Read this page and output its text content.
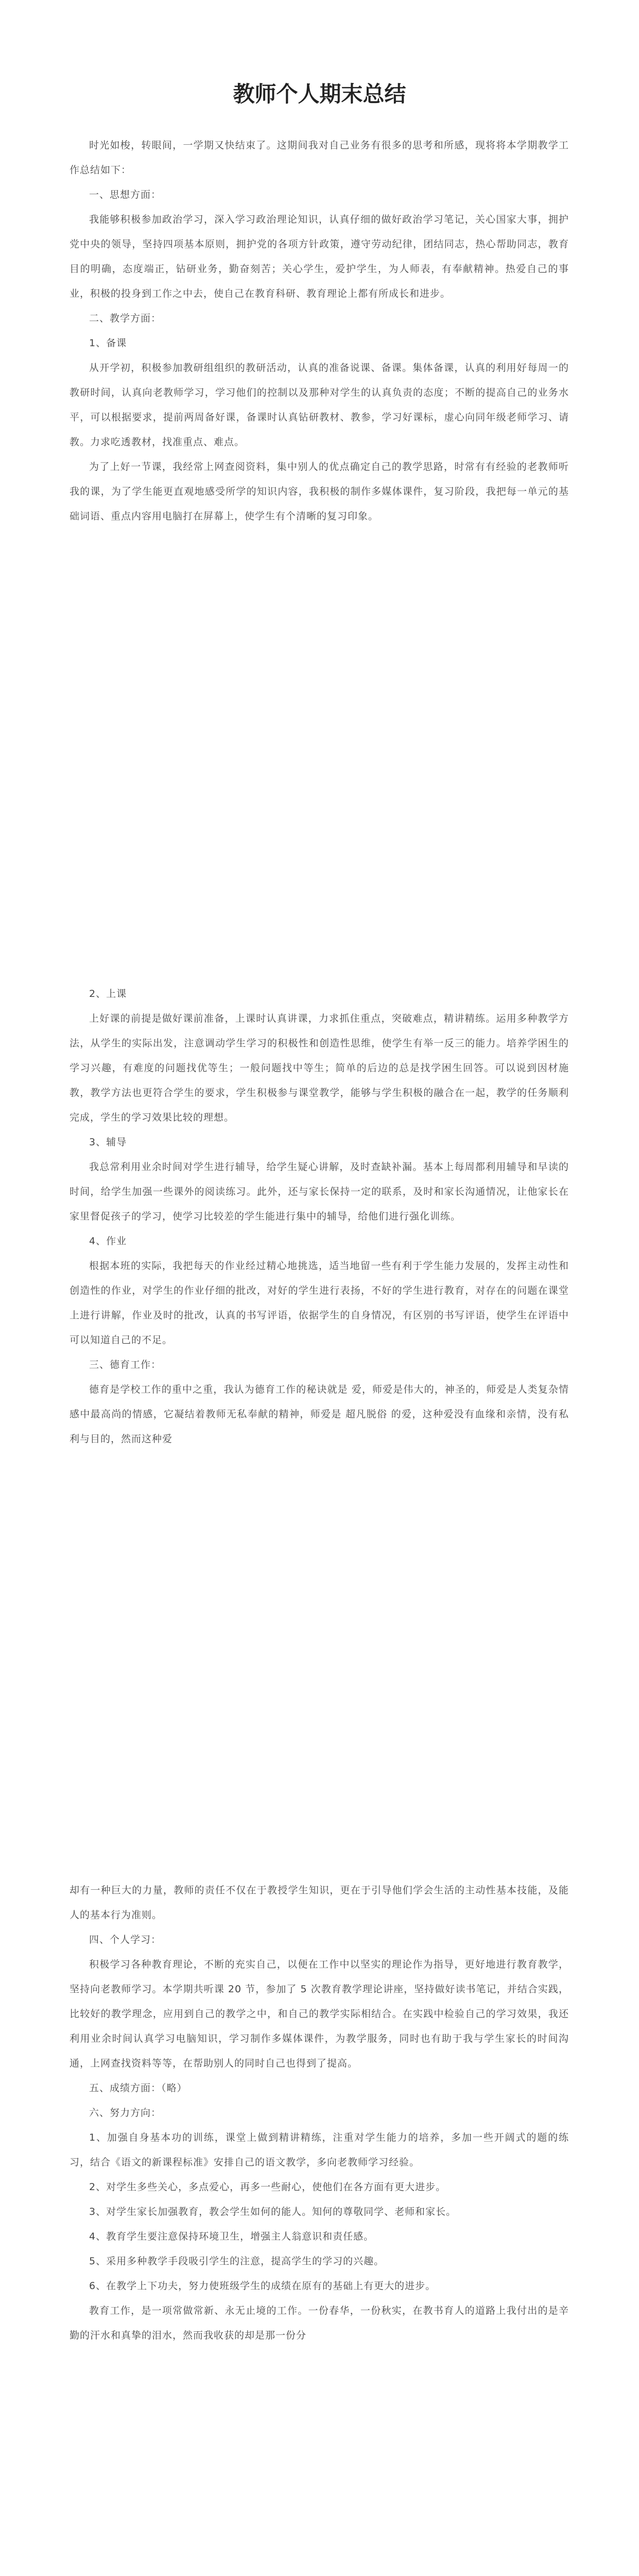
教师个人期末总结

时光如梭，转眼间，一学期又快结束了。这期间我对自己业务有很多的思考和所感，现将将本学期教学工作总结如下：

一、思想方面：

我能够积极参加政治学习，深入学习政治理论知识，认真仔细的做好政治学习笔记，关心国家大事，拥护党中央的领导，坚持四项基本原则，拥护党的各项方针政策，遵守劳动纪律，团结同志，热心帮助同志，教育目的明确，态度端正，钻研业务，勤奋刻苦；关心学生，爱护学生，为人师表，有奉献精神。热爱自己的事业，积极的投身到工作之中去，使自己在教育科研、教育理论上都有所成长和进步。

二、教学方面：

1、备课

从开学初，积极参加教研组组织的教研活动，认真的准备说课、备课。集体备课，认真的利用好每周一的教研时间，认真向老教师学习，学习他们的控制以及那种对学生的认真负责的态度；不断的提高自己的业务水平，可以根据要求，提前两周备好课，备课时认真钻研教材、教参，学习好课标，虚心向同年级老师学习、请教。力求吃透教材，找准重点、难点。

为了上好一节课，我经常上网查阅资料，集中别人的优点确定自己的教学思路，时常有有经验的老教师听我的课，为了学生能更直观地感受所学的知识内容，我积极的制作多媒体课件，复习阶段，我把每一单元的基础词语、重点内容用电脑打在屏幕上，使学生有个清晰的复习印象。

2、上课

上好课的前提是做好课前准备，上课时认真讲课，力求抓住重点，突破难点，精讲精练。运用多种教学方法，从学生的实际出发，注意调动学生学习的积极性和创造性思维，使学生有举一反三的能力。培养学困生的学习兴趣，有难度的问题找优等生；一般问题找中等生；简单的后边的总是找学困生回答。可以说到因材施教，教学方法也更符合学生的要求，学生积极参与课堂教学，能够与学生积极的融合在一起，教学的任务顺利完成，学生的学习效果比较的理想。

3、辅导

我总常利用业余时间对学生进行辅导，给学生疑心讲解，及时查缺补漏。基本上每周都利用辅导和早读的时间，给学生加强一些课外的阅读练习。此外，还与家长保持一定的联系，及时和家长沟通情况，让他家长在家里督促孩子的学习，使学习比较差的学生能进行集中的辅导，给他们进行强化训练。

4、作业

根据本班的实际，我把每天的作业经过精心地挑选，适当地留一些有利于学生能力发展的，发挥主动性和创造性的作业，对学生的作业仔细的批改，对好的学生进行表扬，不好的学生进行教育，对存在的问题在课堂上进行讲解，作业及时的批改，认真的书写评语，依据学生的自身情况，有区别的书写评语，使学生在评语中可以知道自己的不足。

三、德育工作：

德育是学校工作的重中之重，我认为德育工作的秘诀就是 爱，师爱是伟大的，神圣的，师爱是人类复杂情感中最高尚的情感，它凝结着教师无私奉献的精神，师爱是 超凡脱俗 的爱，这种爱没有血缘和亲情，没有私利与目的，然而这种爱

却有一种巨大的力量，教师的责任不仅在于教授学生知识，更在于引导他们学会生活的主动性基本技能，及能人的基本行为准则。

四、个人学习：

积极学习各种教育理论，不断的充实自己，以便在工作中以坚实的理论作为指导，更好地进行教育教学，坚持向老教师学习。本学期共听课 20 节，参加了 5 次教育教学理论讲座，坚持做好读书笔记，并结合实践，比较好的教学理念，应用到自己的教学之中，和自己的教学实际相结合。在实践中检验自己的学习效果，我还利用业余时间认真学习电脑知识，学习制作多媒体课件，为教学服务，同时也有助于我与学生家长的时间沟通，上网查找资料等等，在帮助别人的同时自己也得到了提高。

五、成绩方面：（略）

六、努力方向：

1、加强自身基本功的训练，课堂上做到精讲精练，注重对学生能力的培养，多加一些开阔式的题的练习，结合《语文的新课程标准》安排自己的语文教学，多向老教师学习经验。

2、对学生多些关心，多点爱心，再多一些耐心，使他们在各方面有更大进步。

3、对学生家长加强教育，教会学生如何的能人。知何的尊敬同学、老师和家长。

4、教育学生要注意保持环境卫生，增强主人翁意识和责任感。

5、采用多种教学手段吸引学生的注意，提高学生的学习的兴趣。

6、在教学上下功夫，努力使班级学生的成绩在原有的基础上有更大的进步。

教育工作，是一项常做常新、永无止境的工作。一份春华，一份秋实，在教书育人的道路上我付出的是辛勤的汗水和真挚的泪水，然而我收获的却是那一份分
